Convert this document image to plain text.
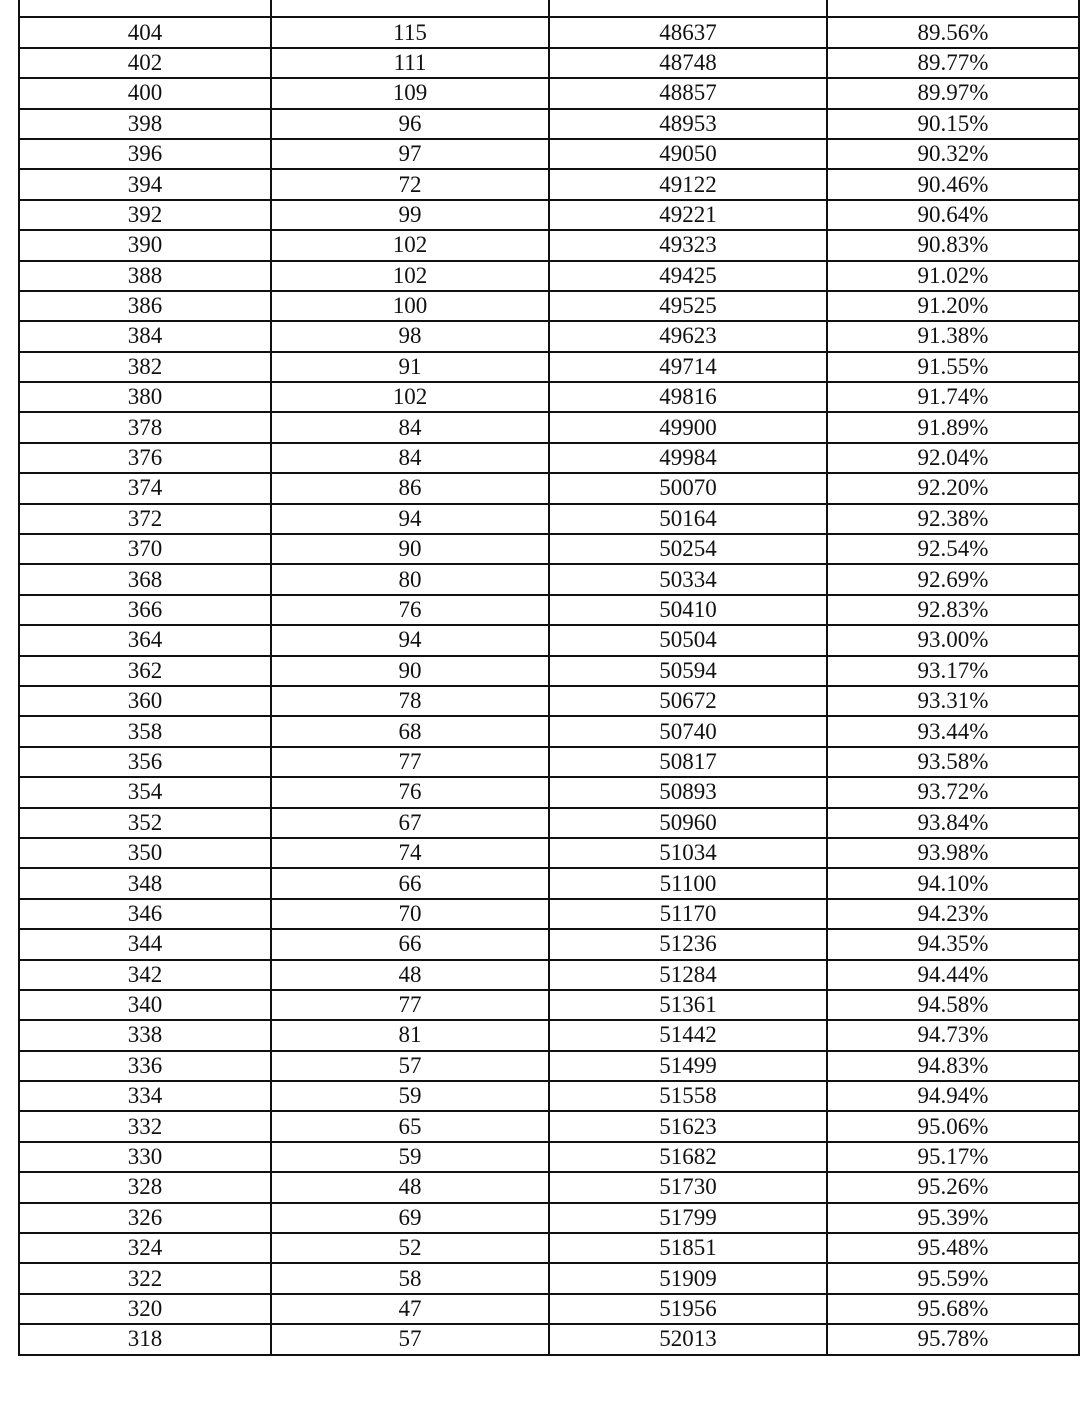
404	115	48637	89.56%
402	111	48748	89.77%
400	109	48857	89.97%
398	96	48953	90.15%
396	97	49050	90.32%
394	72	49122	90.46%
392	99	49221	90.64%
390	102	49323	90.83%
388	102	49425	91.02%
386	100	49525	91.20%
384	98	49623	91.38%
382	91	49714	91.55%
380	102	49816	91.74%
378	84	49900	91.89%
376	84	49984	92.04%
374	86	50070	92.20%
372	94	50164	92.38%
370	90	50254	92.54%
368	80	50334	92.69%
366	76	50410	92.83%
364	94	50504	93.00%
362	90	50594	93.17%
360	78	50672	93.31%
358	68	50740	93.44%
356	77	50817	93.58%
354	76	50893	93.72%
352	67	50960	93.84%
350	74	51034	93.98%
348	66	51100	94.10%
346	70	51170	94.23%
344	66	51236	94.35%
342	48	51284	94.44%
340	77	51361	94.58%
338	81	51442	94.73%
336	57	51499	94.83%
334	59	51558	94.94%
332	65	51623	95.06%
330	59	51682	95.17%
328	48	51730	95.26%
326	69	51799	95.39%
324	52	51851	95.48%
322	58	51909	95.59%
320	47	51956	95.68%
318	57	52013	95.78%
